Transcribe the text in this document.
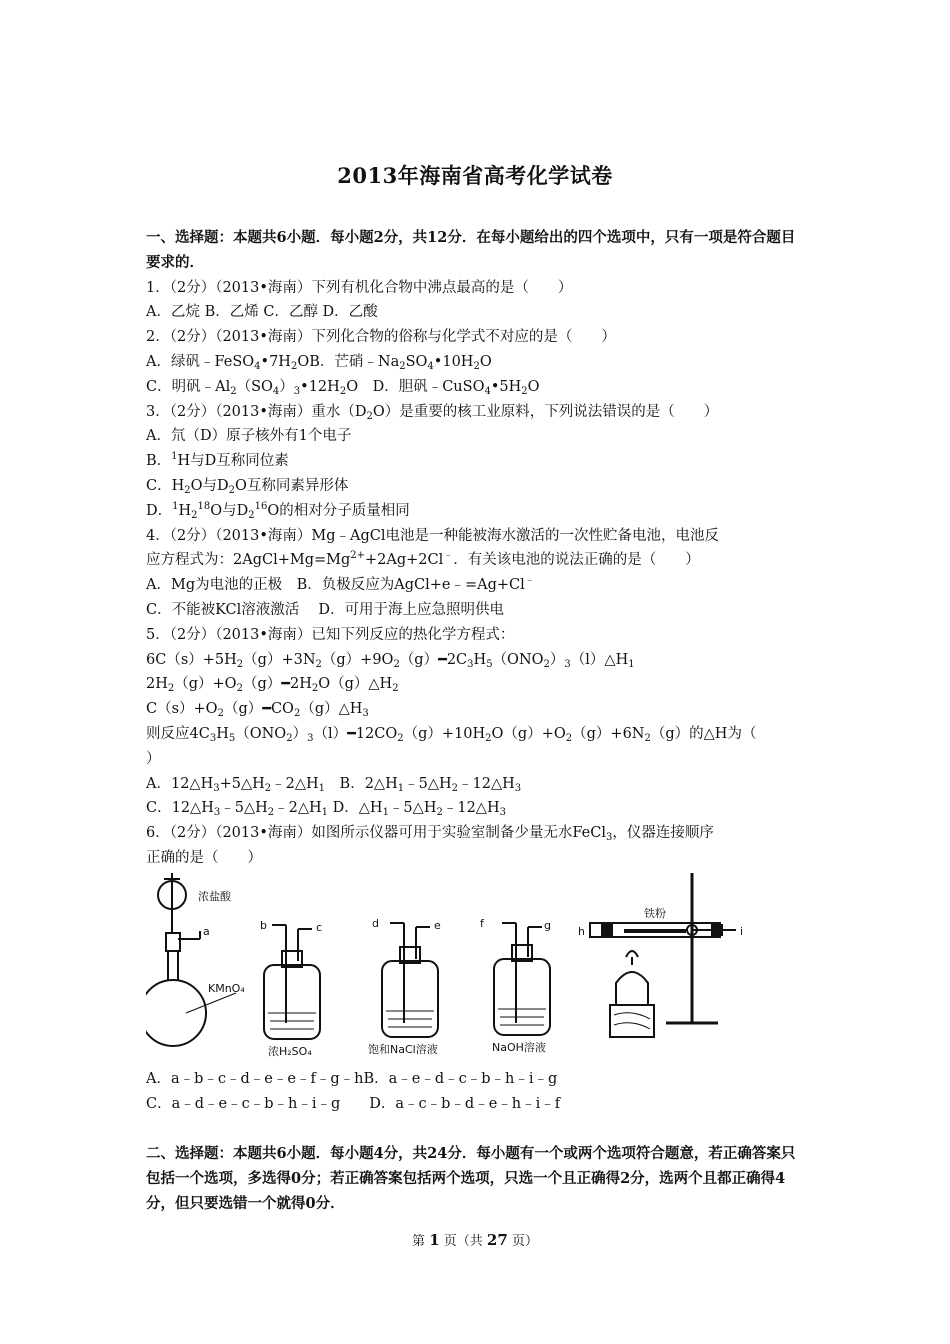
2013年海南省高考化学试卷
一、选择题：本题共6小题．每小题2分，共12分．在每小题给出的四个选项中，只有一项是符合题目要求的．
1．（2分）（2013•海南）下列有机化合物中沸点最高的是（　　）
A．乙烷 B．乙烯 C．乙醇 D．乙酸
2．（2分）（2013•海南）下列化合物的俗称与化学式不对应的是（　　）
A．绿矾$﹣FeSO_4•7H_2OB$．芒硝$﹣Na_2SO_4•10H_2O$
C．明矾$﹣Al_2(SO_4)_3•12H_2O$　D．胆矾$﹣CuSO_4•5H_2O$
3．（2分）（2013•海南）重水$(D_2O)$是重要的核工业原料，下列说法错误的是（　　）
A．氘（D）原子核外有1个电子
B．$^1$H与D互称同位素
C．$H_2O$与$D_2O$互称同素异形体
D．$^1H_2^{18}O$与$D_2^{16}O$的相对分子质量相同
4．（2分）（2013•海南）Mg﹣AgCl电池是一种能被海水激活的一次性贮备电池，电池反
应方程式为：$2AgCl+Mg=Mg^{2+}+2Ag+2Cl^﹣$．有关该电池的说法正确的是（　　）
A．Mg为电池的正极　B．负极反应为AgCl+e﹣=Ag+Cl﹣
C．不能被KCl溶液激活　 D．可用于海上应急照明供电
5．（2分）（2013•海南）已知下列反应的热化学方程式：
$6C(s)+5H_2(g)+3N_2(g)+9O_2(g)━2C_3H_5(ONO_2)_3(l)\triangle H_1$
$2H_2(g)+O_2(g)━2H_2O(g)\triangle H_2$
$C(s)+O_2(g)━CO_2(g)\triangle H_3$
则反应$4C_3H_5(ONO_2)_3(l)━12CO_2(g)+10H_2O(g)+O_2(g)+6N_2(g)$的△H为（
）
A．$12\triangle H_3+5\triangle H_2﹣2\triangle H_1$　B．$2\triangle H_1﹣5\triangle H_2﹣12\triangle H_3$
C．$12\triangle H_3﹣5\triangle H_2﹣2\triangle H_1$ D．$\triangle H_1﹣5\triangle H_2﹣12\triangle H_3$
6．（2分）（2013•海南）如图所示仪器可用于实验室制备少量无水FeCl$_3$，仪器连接顺序
正确的是（　　）
浓盐酸
a
KMnO₄
b	c
浓H₂SO₄
d	e
饱和NaCl溶液
f	g
NaOH溶液
铁粉
h	i
A．a﹣b﹣c﹣d﹣e﹣e﹣f﹣g﹣hB．a﹣e﹣d﹣c﹣b﹣h﹣i﹣g
C．a﹣d﹣e﹣c﹣b﹣h﹣i﹣g　　D．a﹣c﹣b﹣d﹣e﹣h﹣i﹣f
二、选择题：本题共6小题．每小题4分，共24分．每小题有一个或两个选项符合题意，若正确答案只包括一个选项，多选得0分；若正确答案包括两个选项，只选一个且正确得2分，选两个且都正确得4分，但只要选错一个就得0分．
第 1 页（共 27 页）
